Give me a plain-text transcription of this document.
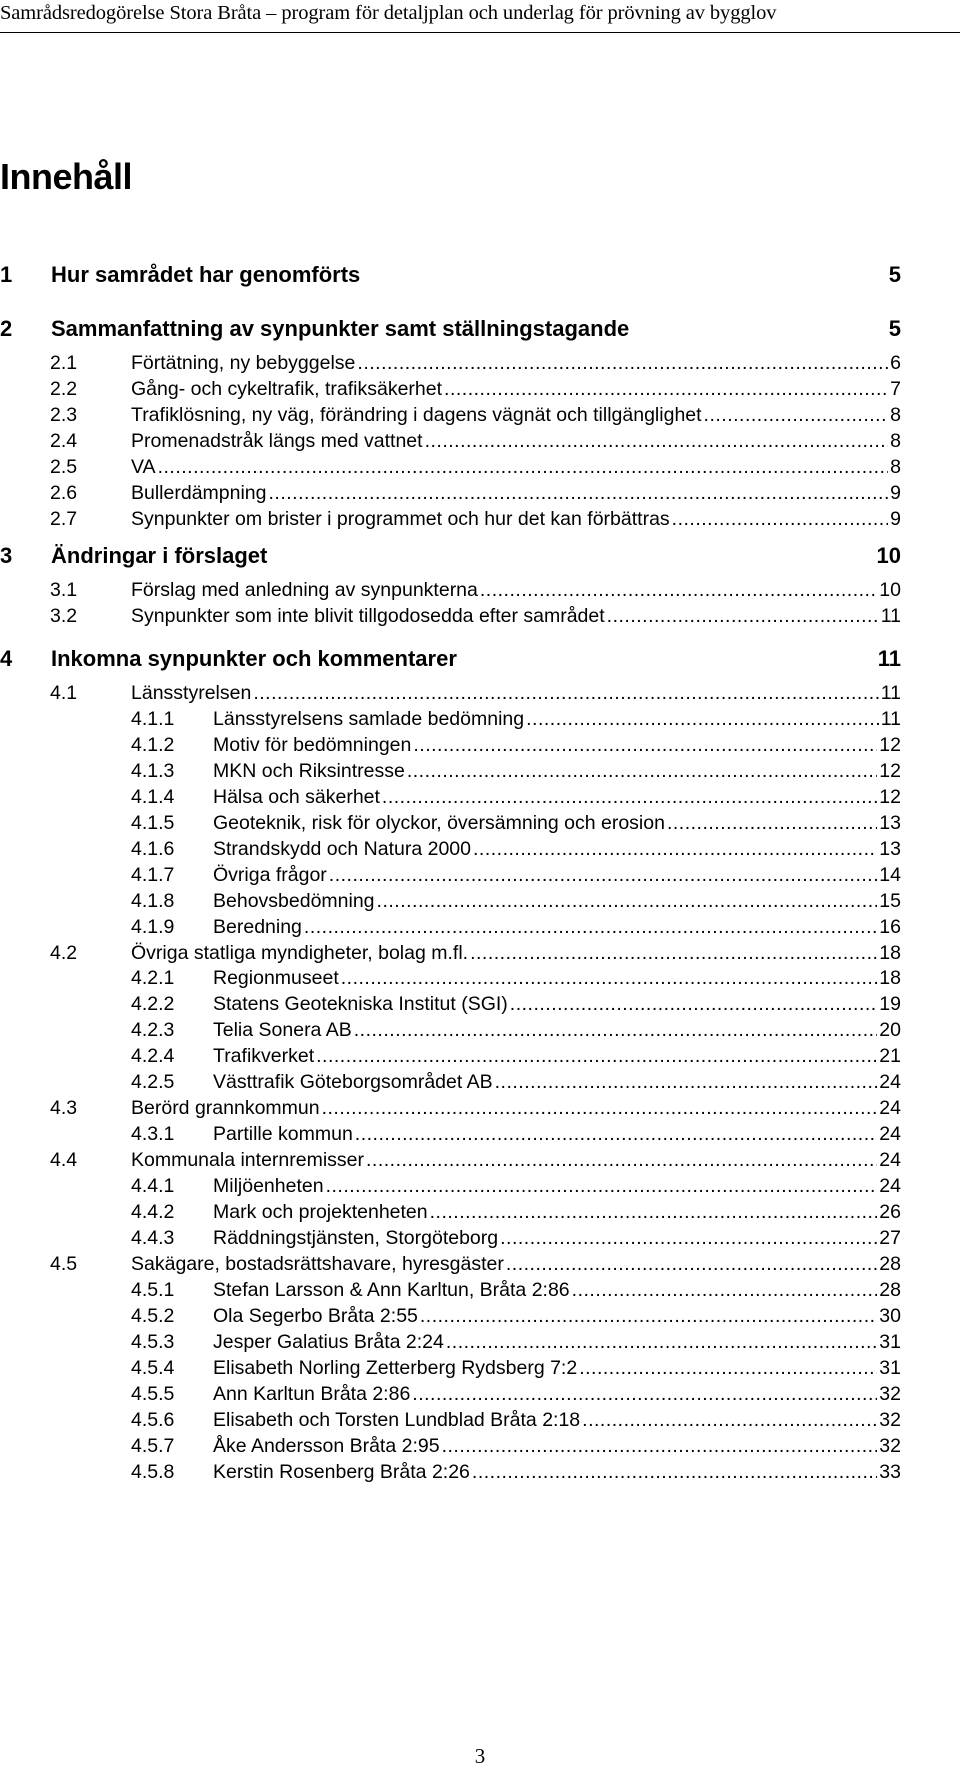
Samrådsredogörelse Stora Bråta – program för detaljplan och underlag för prövning av bygglov
Innehåll
1	Hur samrådet har genomförts	5
2	Sammanfattning av synpunkter samt ställningstagande	5
2.1	Förtätning, ny bebyggelse .....	6
2.2	Gång- och cykeltrafik, trafiksäkerhet .....	7
2.3	Trafiklösning, ny väg, förändring i dagens vägnät och tillgänglighet .....	8
2.4	Promenadstråk längs med vattnet .....	8
2.5	VA .....	8
2.6	Bullerdämpning .....	9
2.7	Synpunkter om brister i programmet och hur det kan förbättras .....	9
3	Ändringar i förslaget	10
3.1	Förslag med anledning av synpunkterna .....	10
3.2	Synpunkter som inte blivit tillgodosedda efter samrådet .....	11
4	Inkomna synpunkter och kommentarer	11
4.1	Länsstyrelsen .....	11
4.1.1	Länsstyrelsens samlade bedömning .....	11
4.1.2	Motiv för bedömningen .....	12
4.1.3	MKN och Riksintresse .....	12
4.1.4	Hälsa och säkerhet .....	12
4.1.5	Geoteknik, risk för olyckor, översämning och erosion .....	13
4.1.6	Strandskydd och Natura 2000 .....	13
4.1.7	Övriga frågor .....	14
4.1.8	Behovsbedömning .....	15
4.1.9	Beredning .....	16
4.2	Övriga statliga myndigheter, bolag m.fl. .....	18
4.2.1	Regionmuseet .....	18
4.2.2	Statens Geotekniska Institut (SGI) .....	19
4.2.3	Telia Sonera AB .....	20
4.2.4	Trafikverket .....	21
4.2.5	Västtrafik Göteborgsområdet AB .....	24
4.3	Berörd grannkommun .....	24
4.3.1	Partille kommun .....	24
4.4	Kommunala internremisser .....	24
4.4.1	Miljöenheten .....	24
4.4.2	Mark och projektenheten .....	26
4.4.3	Räddningstjänsten, Storgöteborg .....	27
4.5	Sakägare, bostadsrättshavare, hyresgäster .....	28
4.5.1	Stefan Larsson & Ann Karltun, Bråta 2:86 .....	28
4.5.2	Ola Segerbo Bråta 2:55 .....	30
4.5.3	Jesper Galatius Bråta 2:24 .....	31
4.5.4	Elisabeth Norling Zetterberg Rydsberg 7:2 .....	31
4.5.5	Ann Karltun Bråta 2:86 .....	32
4.5.6	Elisabeth och Torsten Lundblad Bråta 2:18 .....	32
4.5.7	Åke Andersson Bråta 2:95 .....	32
4.5.8	Kerstin Rosenberg Bråta 2:26 .....	33
3
